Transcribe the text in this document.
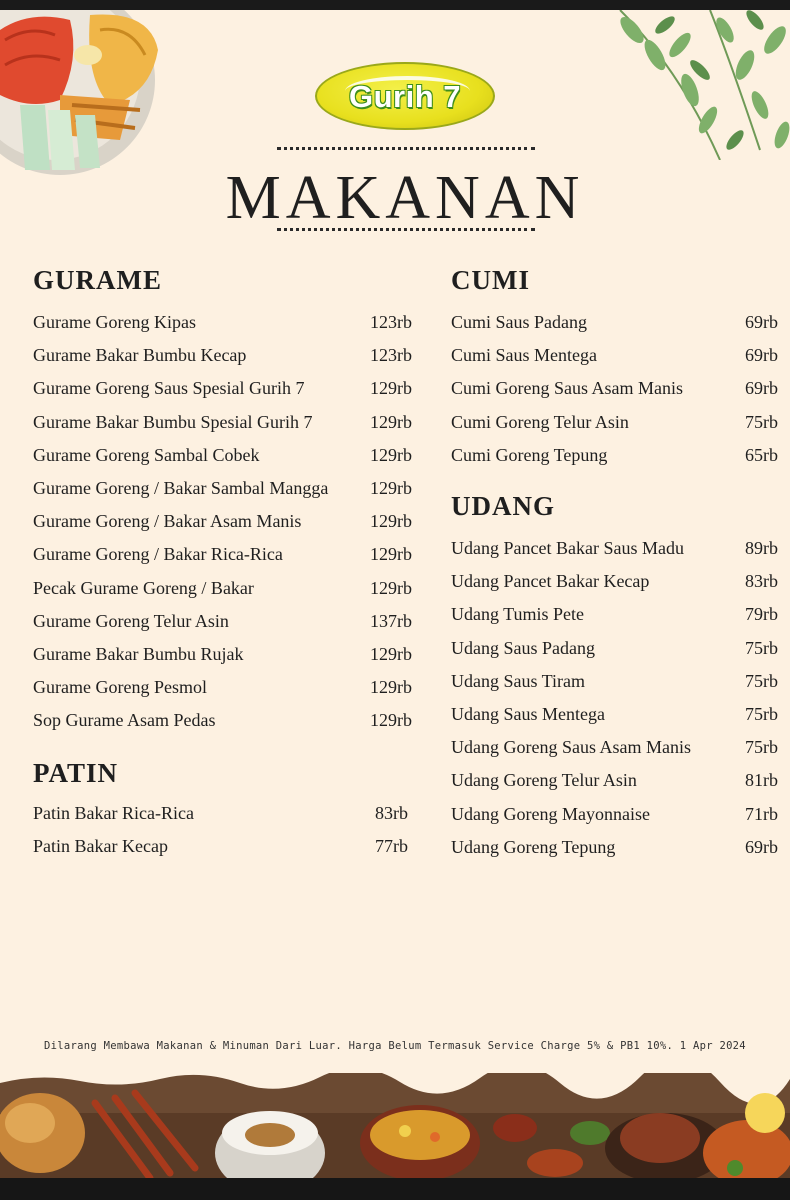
Gurih 7
MAKANAN
Dilarang Membawa Makanan & Minuman Dari Luar. Harga Belum Termasuk Service Charge 5% & PB1 10%. 1 Apr 2024
GURAME
Gurame Goreng Kipas	123rb
Gurame Bakar Bumbu Kecap	123rb
Gurame Goreng Saus Spesial Gurih 7	129rb
Gurame Bakar Bumbu Spesial Gurih 7	129rb
Gurame Goreng Sambal Cobek	129rb
Gurame Goreng / Bakar Sambal Mangga 129rb
Gurame Goreng / Bakar Asam Manis	129rb
Gurame Goreng / Bakar Rica-Rica	129rb
Pecak Gurame Goreng / Bakar	129rb
Gurame Goreng Telur Asin	137rb
Gurame Bakar Bumbu Rujak	129rb
Gurame Goreng Pesmol	129rb
Sop Gurame Asam Pedas	129rb
PATIN
Patin Bakar Rica-Rica	83rb
Patin Bakar Kecap	77rb
CUMI
Cumi Saus Padang	69rb
Cumi Saus Mentega	69rb
Cumi Goreng Saus Asam Manis	69rb
Cumi Goreng Telur Asin	75rb
Cumi Goreng Tepung	65rb
UDANG
Udang Pancet Bakar Saus Madu	89rb
Udang Pancet Bakar Kecap	83rb
Udang Tumis Pete	79rb
Udang Saus Padang	75rb
Udang Saus Tiram	75rb
Udang Saus Mentega	75rb
Udang Goreng Saus Asam Manis	75rb
Udang Goreng Telur Asin	81rb
Udang Goreng Mayonnaise	71rb
Udang Goreng Tepung	69rb
